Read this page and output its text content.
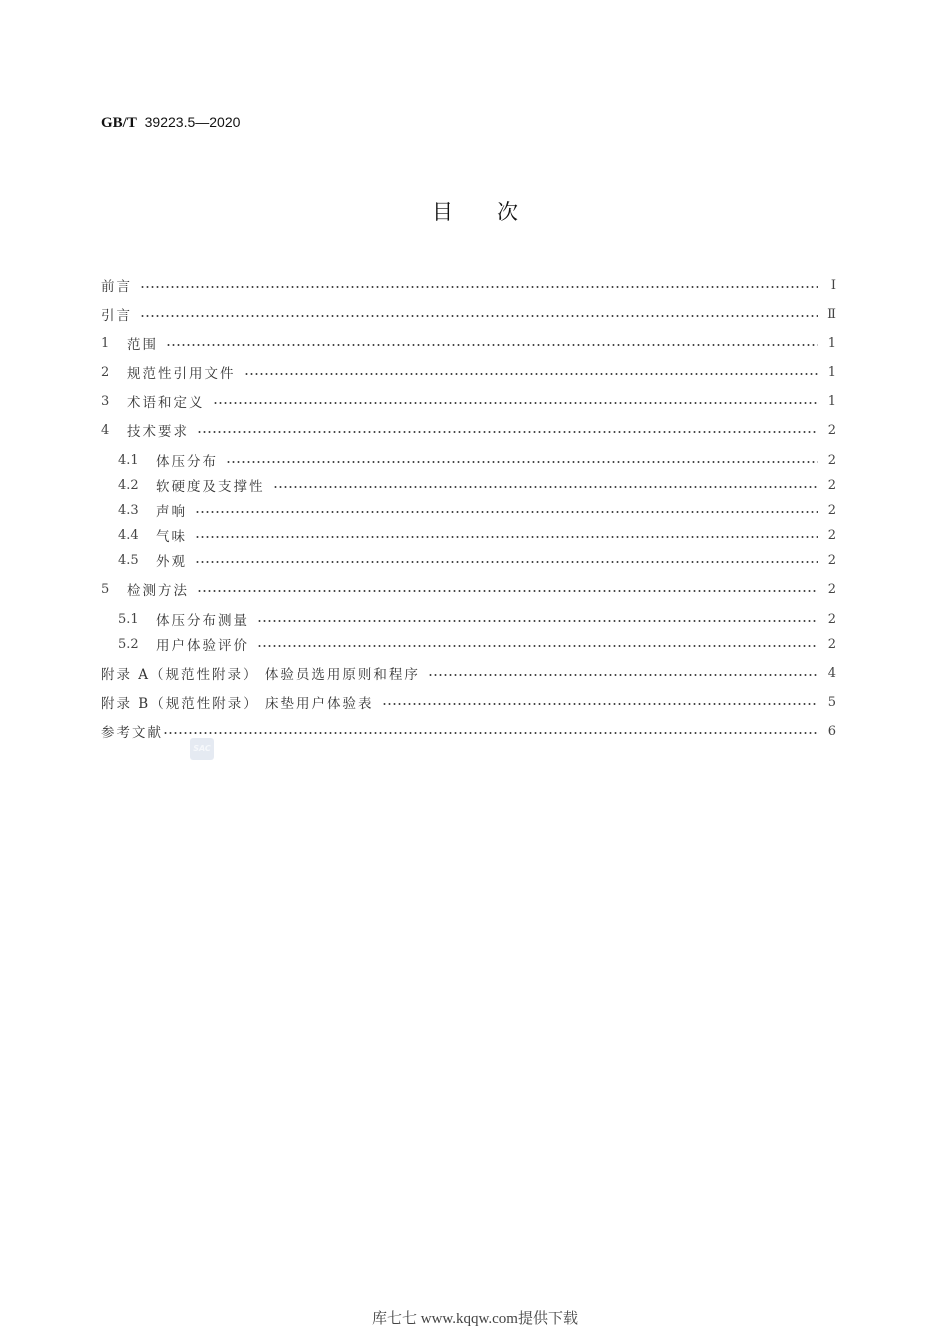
GB/T 39223.5—2020
目 次
前言	Ⅰ
引言	Ⅱ
1	范围	1
2	规范性引用文件	1
3	术语和定义	1
4	技术要求	2
4.1	体压分布	2
4.2	软硬度及支撑性	2
4.3	声响	2
4.4	气味	2
4.5	外观	2
5	检测方法	2
5.1	体压分布测量	2
5.2	用户体验评价	2
附录 A（规范性附录） 体验员选用原则和程序	4
附录 B（规范性附录） 床垫用户体验表	5
参考文献	6
SAC
库七七 www.kqqw.com提供下载
